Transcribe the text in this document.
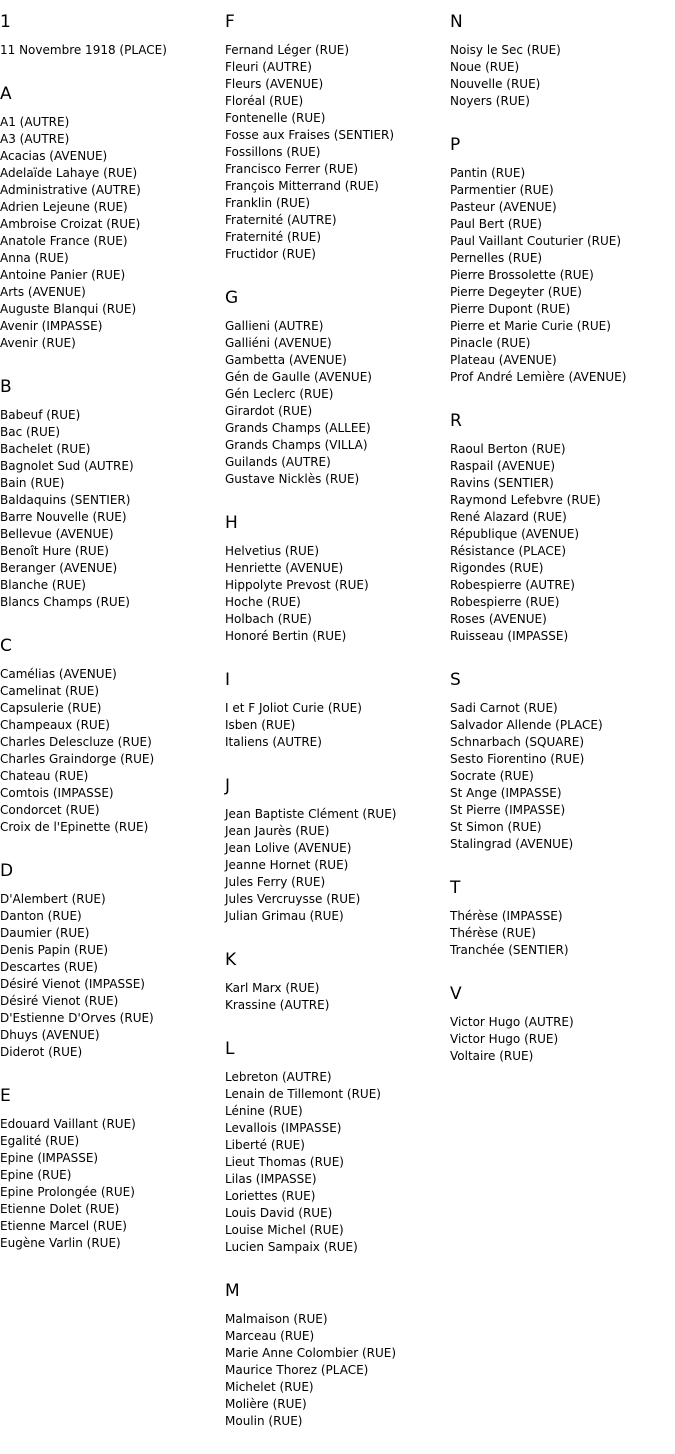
1
11 Novembre 1918 (PLACE)
A
A1 (AUTRE)
A3 (AUTRE)
Acacias (AVENUE)
Adelaïde Lahaye (RUE)
Administrative (AUTRE)
Adrien Lejeune (RUE)
Ambroise Croizat (RUE)
Anatole France (RUE)
Anna (RUE)
Antoine Panier (RUE)
Arts (AVENUE)
Auguste Blanqui (RUE)
Avenir (IMPASSE)
Avenir (RUE)
B
Babeuf (RUE)
Bac (RUE)
Bachelet (RUE)
Bagnolet Sud (AUTRE)
Bain (RUE)
Baldaquins (SENTIER)
Barre Nouvelle (RUE)
Bellevue (AVENUE)
Benoît Hure (RUE)
Beranger (AVENUE)
Blanche (RUE)
Blancs Champs (RUE)
C
Camélias (AVENUE)
Camelinat (RUE)
Capsulerie (RUE)
Champeaux (RUE)
Charles Delescluze (RUE)
Charles Graindorge (RUE)
Chateau (RUE)
Comtois (IMPASSE)
Condorcet (RUE)
Croix de l'Epinette (RUE)
D
D'Alembert (RUE)
Danton (RUE)
Daumier (RUE)
Denis Papin (RUE)
Descartes (RUE)
Désiré Vienot (IMPASSE)
Désiré Vienot (RUE)
D'Estienne D'Orves (RUE)
Dhuys (AVENUE)
Diderot (RUE)
E
Edouard Vaillant (RUE)
Egalité (RUE)
Epine (IMPASSE)
Epine (RUE)
Epine Prolongée (RUE)
Etienne Dolet (RUE)
Etienne Marcel (RUE)
Eugène Varlin (RUE)
F
Fernand Léger (RUE)
Fleuri (AUTRE)
Fleurs (AVENUE)
Floréal (RUE)
Fontenelle (RUE)
Fosse aux Fraises (SENTIER)
Fossillons (RUE)
Francisco Ferrer (RUE)
François Mitterrand (RUE)
Franklin (RUE)
Fraternité (AUTRE)
Fraternité (RUE)
Fructidor (RUE)
G
Gallieni (AUTRE)
Galliéni (AVENUE)
Gambetta (AVENUE)
Gén de Gaulle (AVENUE)
Gén Leclerc (RUE)
Girardot (RUE)
Grands Champs (ALLEE)
Grands Champs (VILLA)
Guilands (AUTRE)
Gustave Nicklès (RUE)
H
Helvetius (RUE)
Henriette (AVENUE)
Hippolyte Prevost (RUE)
Hoche (RUE)
Holbach (RUE)
Honoré Bertin (RUE)
I
I et F Joliot Curie (RUE)
Isben (RUE)
Italiens (AUTRE)
J
Jean Baptiste Clément (RUE)
Jean Jaurès (RUE)
Jean Lolive (AVENUE)
Jeanne Hornet (RUE)
Jules Ferry (RUE)
Jules Vercruysse (RUE)
Julian Grimau (RUE)
K
Karl Marx (RUE)
Krassine (AUTRE)
L
Lebreton (AUTRE)
Lenain de Tillemont (RUE)
Lénine (RUE)
Levallois (IMPASSE)
Liberté (RUE)
Lieut Thomas (RUE)
Lilas (IMPASSE)
Loriettes (RUE)
Louis David (RUE)
Louise Michel (RUE)
Lucien Sampaix (RUE)
M
Malmaison (RUE)
Marceau (RUE)
Marie Anne Colombier (RUE)
Maurice Thorez (PLACE)
Michelet (RUE)
Molière (RUE)
Moulin (RUE)
N
Noisy le Sec (RUE)
Noue (RUE)
Nouvelle (RUE)
Noyers (RUE)
P
Pantin (RUE)
Parmentier (RUE)
Pasteur (AVENUE)
Paul Bert (RUE)
Paul Vaillant Couturier (RUE)
Pernelles (RUE)
Pierre Brossolette (RUE)
Pierre Degeyter (RUE)
Pierre Dupont (RUE)
Pierre et Marie Curie (RUE)
Pinacle (RUE)
Plateau (AVENUE)
Prof André Lemière (AVENUE)
R
Raoul Berton (RUE)
Raspail (AVENUE)
Ravins (SENTIER)
Raymond Lefebvre (RUE)
René Alazard (RUE)
République (AVENUE)
Résistance (PLACE)
Rigondes (RUE)
Robespierre (AUTRE)
Robespierre (RUE)
Roses (AVENUE)
Ruisseau (IMPASSE)
S
Sadi Carnot (RUE)
Salvador Allende (PLACE)
Schnarbach (SQUARE)
Sesto Fiorentino (RUE)
Socrate (RUE)
St Ange (IMPASSE)
St Pierre (IMPASSE)
St Simon (RUE)
Stalingrad (AVENUE)
T
Thérèse (IMPASSE)
Thérèse (RUE)
Tranchée (SENTIER)
V
Victor Hugo (AUTRE)
Victor Hugo (RUE)
Voltaire (RUE)
